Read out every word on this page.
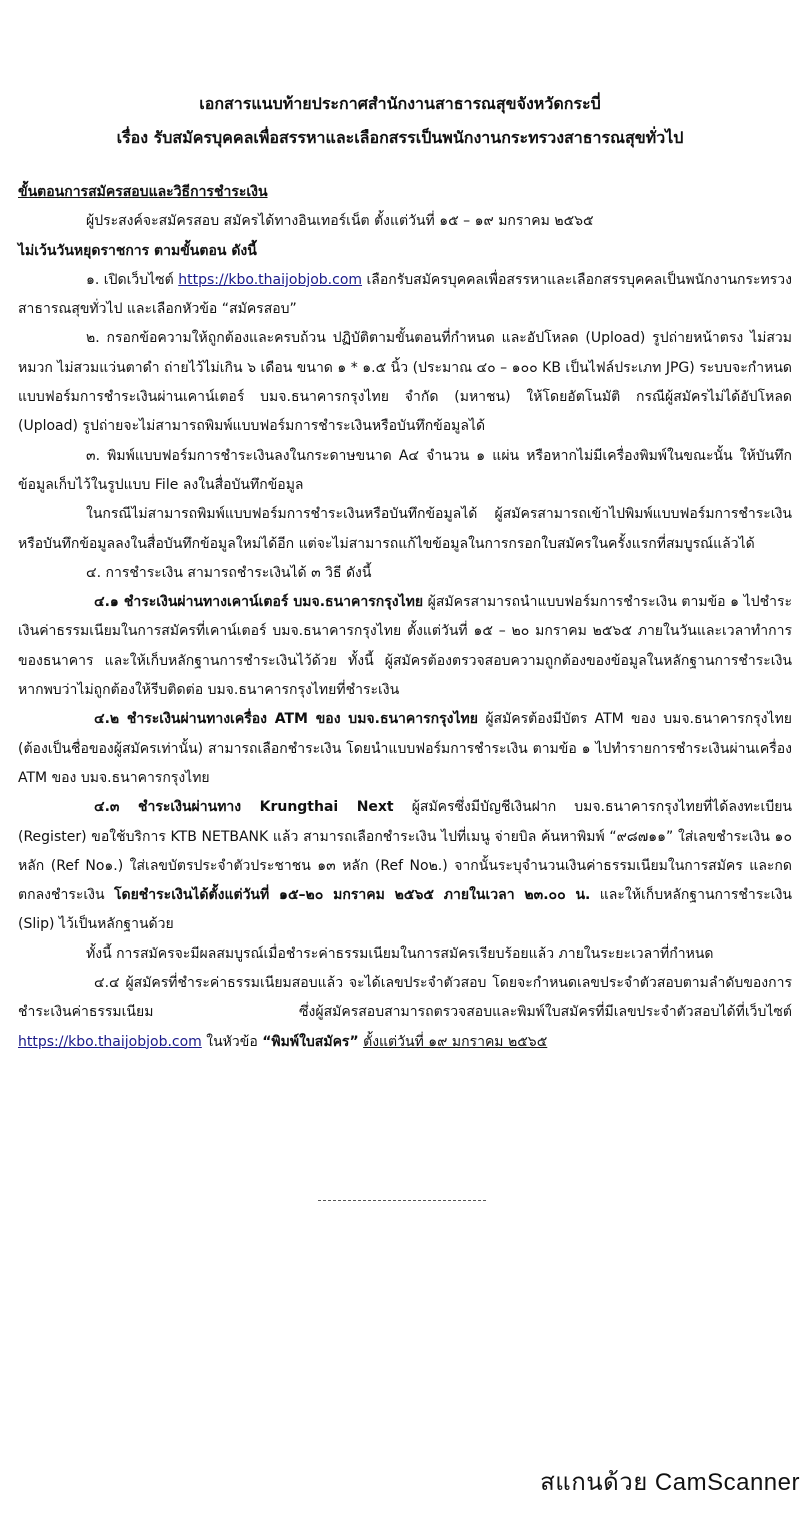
เอกสารแนบท้ายประกาศสำนักงานสาธารณสุขจังหวัดกระบี่
เรื่อง รับสมัครบุคคลเพื่อสรรหาและเลือกสรรเป็นพนักงานกระทรวงสาธารณสุขทั่วไป

ขั้นตอนการสมัครสอบและวิธีการชำระเงิน

ผู้ประสงค์จะสมัครสอบ สมัครได้ทางอินเทอร์เน็ต ตั้งแต่วันที่ ๑๕ – ๑๙ มกราคม ๒๕๖๕

ไม่เว้นวันหยุดราชการ ตามขั้นตอน ดังนี้

๑. เปิดเว็บไซต์ https://kbo.thaijobjob.com เลือกรับสมัครบุคคลเพื่อสรรหาและเลือกสรรบุคคลเป็นพนักงานกระทรวงสาธารณสุขทั่วไป และเลือกหัวข้อ “สมัครสอบ”

๒. กรอกข้อความให้ถูกต้องและครบถ้วน ปฏิบัติตามขั้นตอนที่กำหนด และอัปโหลด (Upload) รูปถ่ายหน้าตรง ไม่สวมหมวก ไม่สวมแว่นตาดำ ถ่ายไว้ไม่เกิน ๖ เดือน ขนาด ๑ * ๑.๕ นิ้ว (ประมาณ ๔๐ – ๑๐๐ KB เป็นไฟล์ประเภท JPG) ระบบจะกำหนดแบบฟอร์มการชำระเงินผ่านเคาน์เตอร์ บมจ.ธนาคารกรุงไทย จำกัด (มหาชน) ให้โดยอัตโนมัติ กรณีผู้สมัครไม่ได้อัปโหลด (Upload) รูปถ่ายจะไม่สามารถพิมพ์แบบฟอร์มการชำระเงินหรือบันทึกข้อมูลได้

๓. พิมพ์แบบฟอร์มการชำระเงินลงในกระดาษขนาด A๔ จำนวน ๑ แผ่น หรือหากไม่มีเครื่องพิมพ์ในขณะนั้น ให้บันทึกข้อมูลเก็บไว้ในรูปแบบ File ลงในสื่อบันทึกข้อมูล

ในกรณีไม่สามารถพิมพ์แบบฟอร์มการชำระเงินหรือบันทึกข้อมูลได้ ผู้สมัครสามารถเข้าไปพิมพ์แบบฟอร์มการชำระเงิน หรือบันทึกข้อมูลลงในสื่อบันทึกข้อมูลใหม่ได้อีก แต่จะไม่สามารถแก้ไขข้อมูลในการกรอกใบสมัครในครั้งแรกที่สมบูรณ์แล้วได้

๔. การชำระเงิน สามารถชำระเงินได้ ๓ วิธี ดังนี้

๔.๑ ชำระเงินผ่านทางเคาน์เตอร์ บมจ.ธนาคารกรุงไทย ผู้สมัครสามารถนำแบบฟอร์มการชำระเงิน ตามข้อ ๑ ไปชำระเงินค่าธรรมเนียมในการสมัครที่เคาน์เตอร์ บมจ.ธนาคารกรุงไทย ตั้งแต่วันที่ ๑๕ – ๒๐ มกราคม ๒๕๖๕ ภายในวันและเวลาทำการของธนาคาร และให้เก็บหลักฐานการชำระเงินไว้ด้วย ทั้งนี้ ผู้สมัครต้องตรวจสอบความถูกต้องของข้อมูลในหลักฐานการชำระเงิน หากพบว่าไม่ถูกต้องให้รีบติดต่อ บมจ.ธนาคารกรุงไทยที่ชำระเงิน

๔.๒ ชำระเงินผ่านทางเครื่อง ATM ของ บมจ.ธนาคารกรุงไทย ผู้สมัครต้องมีบัตร ATM ของ บมจ.ธนาคารกรุงไทย (ต้องเป็นชื่อของผู้สมัครเท่านั้น) สามารถเลือกชำระเงิน โดยนำแบบฟอร์มการชำระเงิน ตามข้อ ๑ ไปทำรายการชำระเงินผ่านเครื่อง ATM ของ บมจ.ธนาคารกรุงไทย

๔.๓ ชำระเงินผ่านทาง Krungthai Next ผู้สมัครซึ่งมีบัญชีเงินฝาก บมจ.ธนาคารกรุงไทยที่ได้ลงทะเบียน (Register) ขอใช้บริการ KTB NETBANK แล้ว สามารถเลือกชำระเงิน ไปที่เมนู จ่ายบิล ค้นหาพิมพ์ “๙๘๗๑๑” ใส่เลขชำระเงิน ๑๐ หลัก (Ref No๑.) ใส่เลขบัตรประจำตัวประชาชน ๑๓ หลัก (Ref No๒.) จากนั้นระบุจำนวนเงินค่าธรรมเนียมในการสมัคร และกดตกลงชำระเงิน โดยชำระเงินได้ตั้งแต่วันที่ ๑๕–๒๐ มกราคม ๒๕๖๕ ภายในเวลา ๒๓.๐๐ น. และให้เก็บหลักฐานการชำระเงิน (Slip) ไว้เป็นหลักฐานด้วย

ทั้งนี้ การสมัครจะมีผลสมบูรณ์เมื่อชำระค่าธรรมเนียมในการสมัครเรียบร้อยแล้ว ภายในระยะเวลาที่กำหนด

๔.๔ ผู้สมัครที่ชำระค่าธรรมเนียมสอบแล้ว จะได้เลขประจำตัวสอบ โดยจะกำหนดเลขประจำตัวสอบตามลำดับของการชำระเงินค่าธรรมเนียม ซึ่งผู้สมัครสอบสามารถตรวจสอบและพิมพ์ใบสมัครที่มีเลขประจำตัวสอบได้ที่เว็บไซต์ https://kbo.thaijobjob.com ในหัวข้อ “พิมพ์ใบสมัคร” ตั้งแต่วันที่ ๑๙ มกราคม ๒๕๖๕

สแกนด้วย CamScanner
